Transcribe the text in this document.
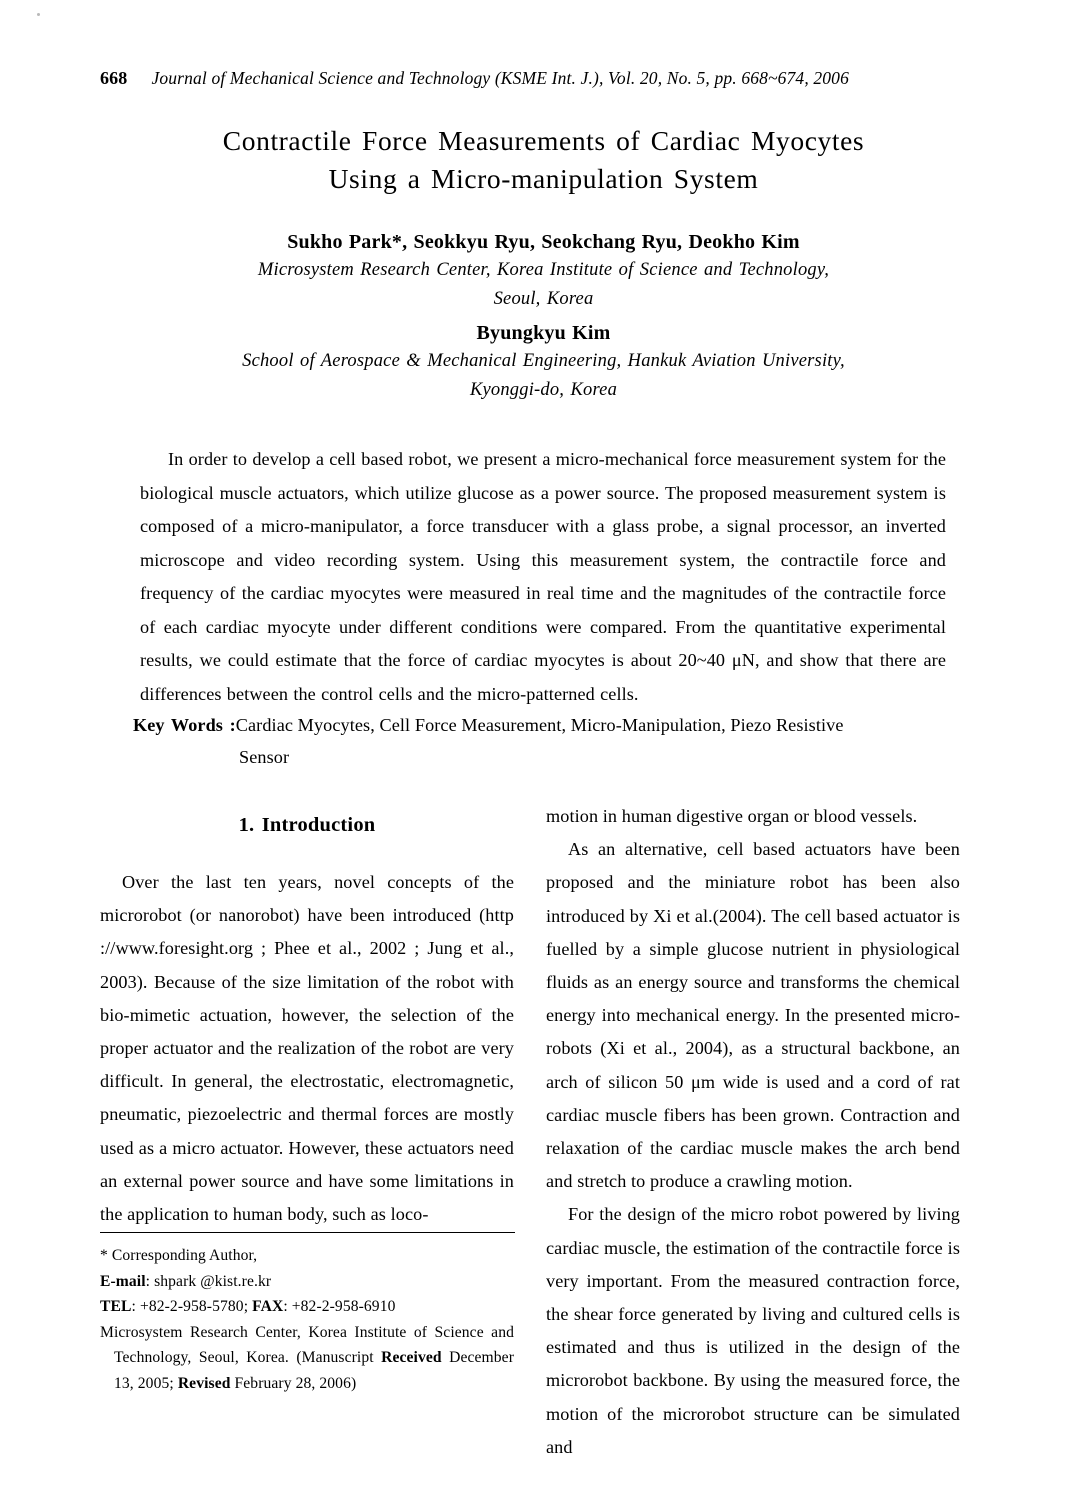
668 Journal of Mechanical Science and Technology (KSME Int. J.), Vol. 20, No. 5, pp. 668~674, 2006
Contractile Force Measurements of Cardiac Myocytes
Using a Micro-manipulation System
Sukho Park*, Seokkyu Ryu, Seokchang Ryu, Deokho Kim
Microsystem Research Center, Korea Institute of Science and Technology,
Seoul, Korea
Byungkyu Kim
School of Aerospace & Mechanical Engineering, Hankuk Aviation University,
Kyonggi-do, Korea
In order to develop a cell based robot, we present a micro-mechanical force measurement system for the biological muscle actuators, which utilize glucose as a power source. The proposed measurement system is composed of a micro-manipulator, a force transducer with a glass probe, a signal processor, an inverted microscope and video recording system. Using this measurement system, the contractile force and frequency of the cardiac myocytes were measured in real time and the magnitudes of the contractile force of each cardiac myocyte under different conditions were compared. From the quantitative experimental results, we could estimate that the force of cardiac myocytes is about 20~40 μN, and show that there are differences between the control cells and the micro-patterned cells.
Key Words :Cardiac Myocytes, Cell Force Measurement, Micro-Manipulation, Piezo Resistive
Sensor
1. Introduction

Over the last ten years, novel concepts of the microrobot (or nanorobot) have been introduced (http ://www.foresight.org ; Phee et al., 2002 ; Jung et al., 2003). Because of the size limitation of the robot with bio-mimetic actuation, however, the selection of the proper actuator and the realization of the robot are very difficult. In general, the electrostatic, electromagnetic, pneumatic, piezoelectric and thermal forces are mostly used as a micro actuator. However, these actuators need an external power source and have some limitations in the application to human body, such as loco-

motion in human digestive organ or blood vessels.

As an alternative, cell based actuators have been proposed and the miniature robot has been also introduced by Xi et al.(2004). The cell based actuator is fuelled by a simple glucose nutrient in physiological fluids as an energy source and transforms the chemical energy into mechanical energy. In the presented micro-robots (Xi et al., 2004), as a structural backbone, an arch of silicon 50 μm wide is used and a cord of rat cardiac muscle fibers has been grown. Contraction and relaxation of the cardiac muscle makes the arch bend and stretch to produce a crawling motion.

For the design of the micro robot powered by living cardiac muscle, the estimation of the contractile force is very important. From the measured contraction force, the shear force generated by living and cultured cells is estimated and thus is utilized in the design of the microrobot backbone. By using the measured force, the motion of the microrobot structure can be simulated and

* Corresponding Author,
E-mail: shpark @kist.re.kr
TEL: +82-2-958-5780; FAX: +82-2-958-6910
Microsystem Research Center, Korea Institute of Science and Technology, Seoul, Korea. (Manuscript Received December 13, 2005; Revised February 28, 2006)
